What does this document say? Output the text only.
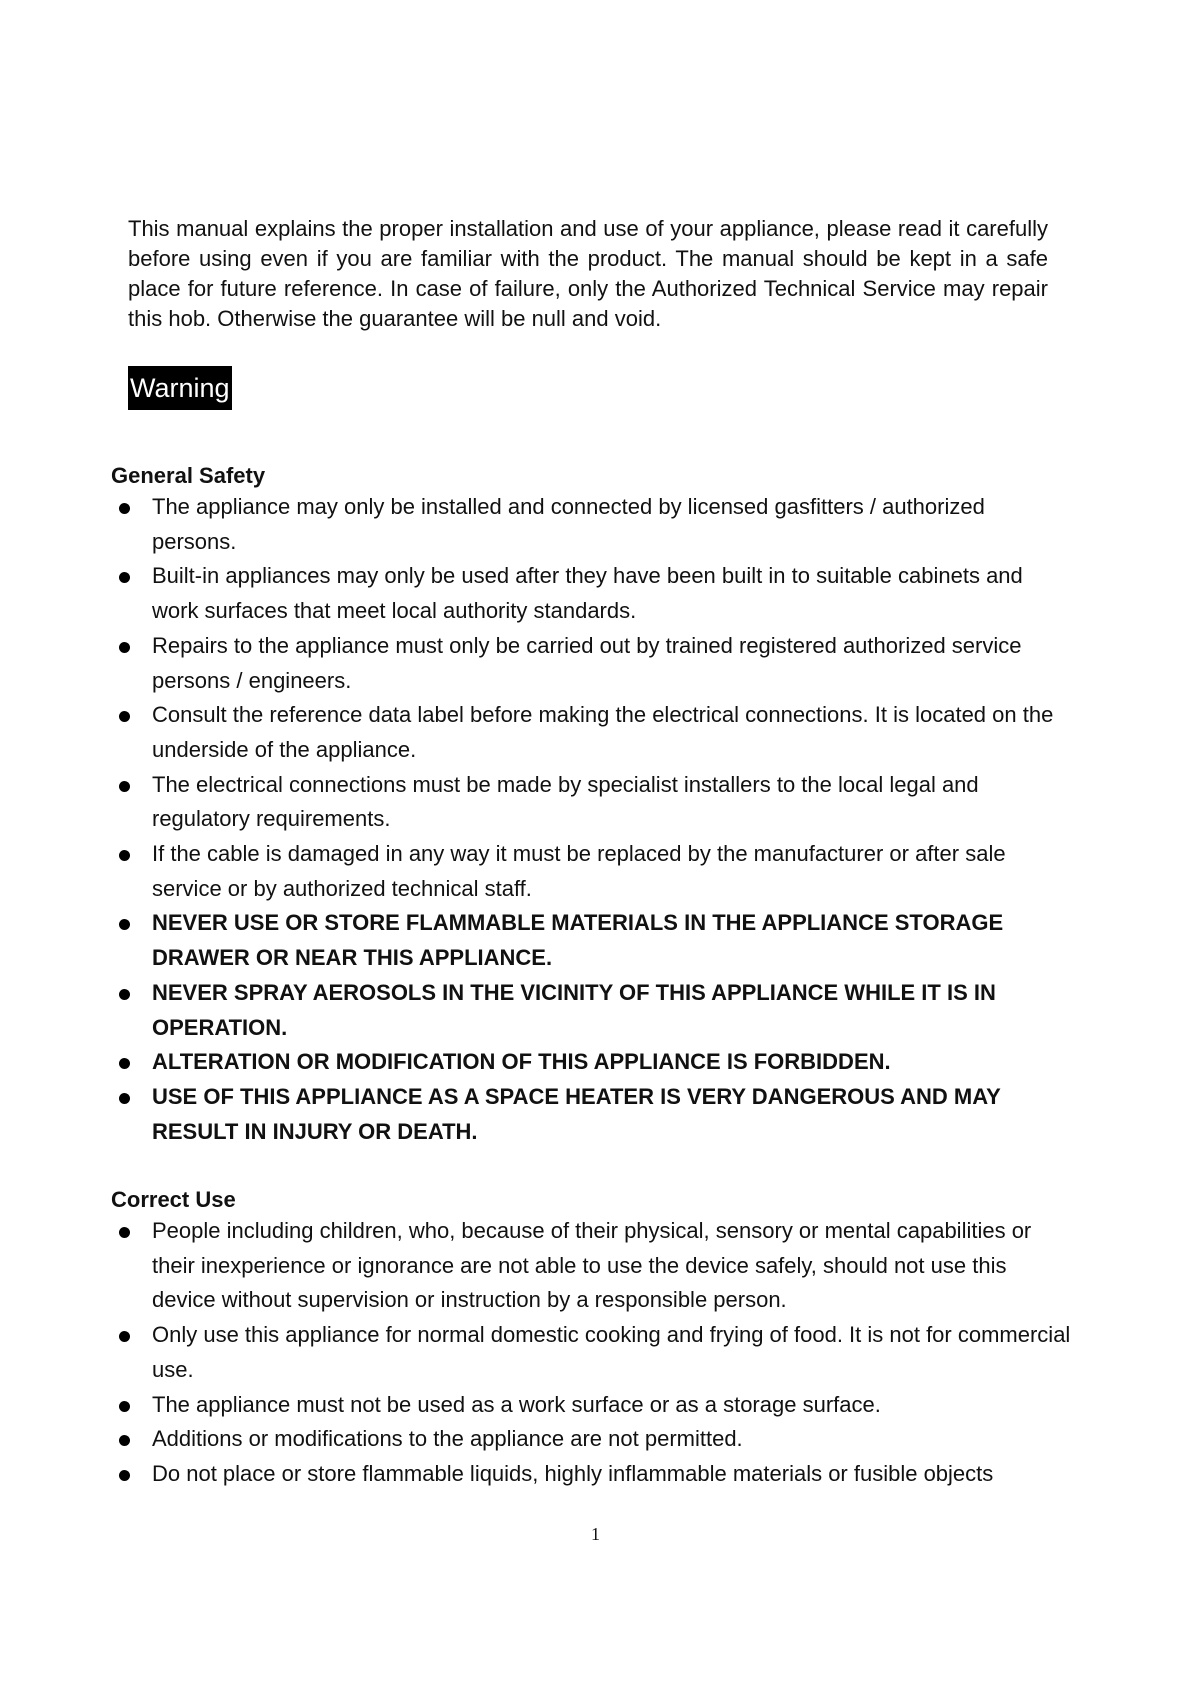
This manual explains the proper installation and use of your appliance, please read it carefully before using even if you are familiar with the product. The manual should be kept in a safe place for future reference. In case of failure, only the Authorized Technical Service may repair this hob. Otherwise the guarantee will be null and void.

Warning
General Safety
The appliance may only be installed and connected by licensed gasfitters / authorized persons.
Built-in appliances may only be used after they have been built in to suitable cabinets and work surfaces that meet local authority standards.
Repairs to the appliance must only be carried out by trained registered authorized service persons / engineers.
Consult the reference data label before making the electrical connections. It is located on the underside of the appliance.
The electrical connections must be made by specialist installers to the local legal and regulatory requirements.
If the cable is damaged in any way it must be replaced by the manufacturer or after sale service or by authorized technical staff.
NEVER USE OR STORE FLAMMABLE MATERIALS IN THE APPLIANCE STORAGE DRAWER OR NEAR THIS APPLIANCE.
NEVER SPRAY AEROSOLS IN THE VICINITY OF THIS APPLIANCE WHILE IT IS IN OPERATION.
ALTERATION OR MODIFICATION OF THIS APPLIANCE IS FORBIDDEN.
USE OF THIS APPLIANCE AS A SPACE HEATER IS VERY DANGEROUS AND MAY RESULT IN INJURY OR DEATH.
Correct Use
People including children, who, because of their physical, sensory or mental capabilities or their inexperience or ignorance are not able to use the device safely, should not use this device without supervision or instruction by a responsible person.
Only use this appliance for normal domestic cooking and frying of food. It is not for commercial use.
The appliance must not be used as a work surface or as a storage surface.
Additions or modifications to the appliance are not permitted.
Do not place or store flammable liquids, highly inflammable materials or fusible objects
1
